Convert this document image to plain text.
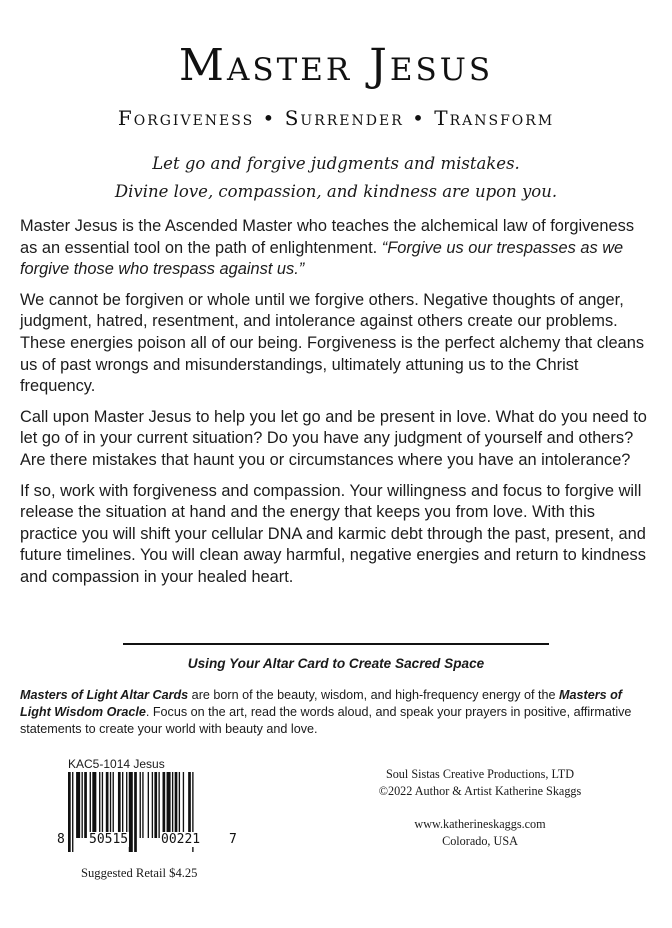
Master Jesus
Forgiveness • Surrender • Transform
Let go and forgive judgments and mistakes.
Divine love, compassion, and kindness are upon you.

Master Jesus is the Ascended Master who teaches the alchemical law of forgiveness as an essential tool on the path of enlightenment. “Forgive us our trespasses as we forgive those who trespass against us.”

We cannot be forgiven or whole until we forgive others. Negative thoughts of anger, judgment, hatred, resentment, and intolerance against others create our problems. These energies poison all of our being. Forgiveness is the perfect alchemy that cleans us of past wrongs and misunderstandings, ultimately attuning us to the Christ frequency.

Call upon Master Jesus to help you let go and be present in love. What do you need to let go of in your current situation? Do you have any judgment of yourself and others? Are there mistakes that haunt you or circumstances where you have an intolerance?

If so, work with forgiveness and compassion. Your willingness and focus to forgive will release the situation at hand and the energy that keeps you from love. With this practice you will shift your cellular DNA and karmic debt through the past, present, and future timelines. You will clean away harmful, negative energies and return to kindness and compassion in your healed heart.

Using Your Altar Card to Create Sacred Space
Masters of Light Altar Cards are born of the beauty, wisdom, and high-frequency energy of the Masters of Light Wisdom Oracle. Focus on the art, read the words aloud, and speak your prayers in positive, affirmative statements to create your world with beauty and love.
KAC5-1014 Jesus
8 50515	00221 7
Suggested Retail $4.25
Soul Sistas Creative Productions, LTD
©2022 Author & Artist Katherine Skaggs
www.katherineskaggs.com
Colorado, USA
